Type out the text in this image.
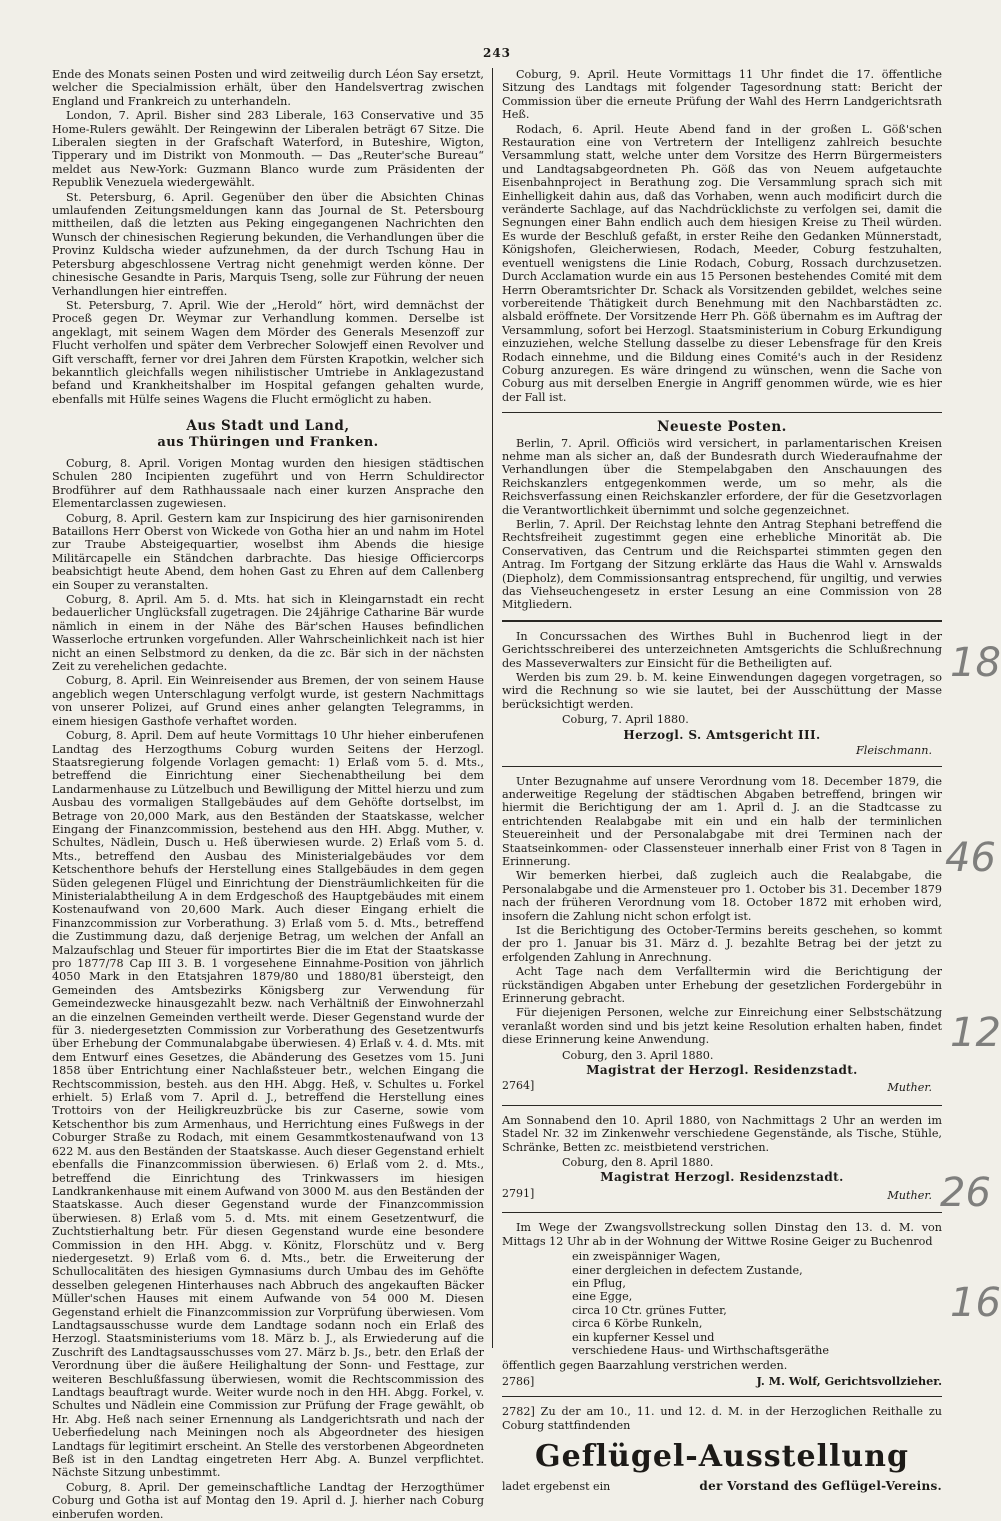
243

Ende des Monats seinen Posten und wird zeitweilig durch Léon Say ersetzt, welcher die Specialmission erhält, über den Handelsvertrag zwischen England und Frankreich zu unterhandeln.

London, 7. April. Bisher sind 283 Liberale, 163 Conservative und 35 Home-Rulers gewählt. Der Reingewinn der Liberalen beträgt 67 Sitze. Die Liberalen siegten in der Grafschaft Waterford, in Buteshire, Wigton, Tipperary und im Distrikt von Monmouth. — Das „Reuter'sche Bureau“ meldet aus New-York: Guzmann Blanco wurde zum Präsidenten der Republik Venezuela wiedergewählt.

St. Petersburg, 6. April. Gegenüber den über die Absichten Chinas umlaufenden Zeitungsmeldungen kann das Journal de St. Petersbourg mittheilen, daß die letzten aus Peking eingegangenen Nachrichten den Wunsch der chinesischen Regierung bekunden, die Verhandlungen über die Provinz Kuldscha wieder aufzunehmen, da der durch Tschung Hau in Petersburg abgeschlossene Vertrag nicht genehmigt werden könne. Der chinesische Gesandte in Paris, Marquis Tseng, solle zur Führung der neuen Verhandlungen hier eintreffen.

St. Petersburg, 7. April. Wie der „Herold“ hört, wird demnächst der Proceß gegen Dr. Weymar zur Verhandlung kommen. Derselbe ist angeklagt, mit seinem Wagen dem Mörder des Generals Mesenzoff zur Flucht verholfen und später dem Verbrecher Solowjeff einen Revolver und Gift verschafft, ferner vor drei Jahren dem Fürsten Krapotkin, welcher sich bekanntlich gleichfalls wegen nihilistischer Umtriebe in Anklagezustand befand und Krankheitshalber im Hospital gefangen gehalten wurde, ebenfalls mit Hülfe seines Wagens die Flucht ermöglicht zu haben.

Aus Stadt und Land,
aus Thüringen und Franken.

Coburg, 8. April. Vorigen Montag wurden den hiesigen städtischen Schulen 280 Incipienten zugeführt und von Herrn Schuldirector Brodführer auf dem Rathhaussaale nach einer kurzen Ansprache den Elementarclassen zugewiesen.

Coburg, 8. April. Gestern kam zur Inspicirung des hier garnisonirenden Bataillons Herr Oberst von Wickede von Gotha hier an und nahm im Hotel zur Traube Absteigequartier, woselbst ihm Abends die hiesige Militärcapelle ein Ständchen darbrachte. Das hiesige Officiercorps beabsichtigt heute Abend, dem hohen Gast zu Ehren auf dem Callenberg ein Souper zu veranstalten.

Coburg, 8. April. Am 5. d. Mts. hat sich in Kleingarnstadt ein recht bedauerlicher Unglücksfall zugetragen. Die 24jährige Catharine Bär wurde nämlich in einem in der Nähe des Bär'schen Hauses befindlichen Wasserloche ertrunken vorgefunden. Aller Wahrscheinlichkeit nach ist hier nicht an einen Selbstmord zu denken, da die zc. Bär sich in der nächsten Zeit zu verehelichen gedachte.

Coburg, 8. April. Ein Weinreisender aus Bremen, der von seinem Hause angeblich wegen Unterschlagung verfolgt wurde, ist gestern Nachmittags von unserer Polizei, auf Grund eines anher gelangten Telegramms, in einem hiesigen Gasthofe verhaftet worden.

Coburg, 8. April. Dem auf heute Vormittags 10 Uhr hieher einberufenen Landtag des Herzogthums Coburg wurden Seitens der Herzogl. Staatsregierung folgende Vorlagen gemacht: 1) Erlaß vom 5. d. Mts., betreffend die Einrichtung einer Siechenabtheilung bei dem Landarmenhause zu Lützelbuch und Bewilligung der Mittel hierzu und zum Ausbau des vormaligen Stallgebäudes auf dem Gehöfte dortselbst, im Betrage von 20,000 Mark, aus den Beständen der Staatskasse, welcher Eingang der Finanzcommission, bestehend aus den HH. Abgg. Muther, v. Schultes, Nädlein, Dusch u. Heß überwiesen wurde. 2) Erlaß vom 5. d. Mts., betreffend den Ausbau des Ministerialgebäudes vor dem Ketschenthore behufs der Herstellung eines Stallgebäudes in dem gegen Süden gelegenen Flügel und Einrichtung der Diensträumlichkeiten für die Ministerialabtheilung A in dem Erdgeschoß des Hauptgebäudes mit einem Kostenaufwand von 20,600 Mark. Auch dieser Eingang erhielt die Finanzcommission zur Vorberathung. 3) Erlaß vom 5. d. Mts., betreffend die Zustimmung dazu, daß derjenige Betrag, um welchen der Anfall an Malzaufschlag und Steuer für importirtes Bier die im Etat der Staatskasse pro 1877/78 Cap III 3. B. 1 vorgesehene Einnahme-Position von jährlich 4050 Mark in den Etatsjahren 1879/80 und 1880/81 übersteigt, den Gemeinden des Amtsbezirks Königsberg zur Verwendung für Gemeindezwecke hinausgezahlt bezw. nach Verhältniß der Einwohnerzahl an die einzelnen Gemeinden vertheilt werde. Dieser Gegenstand wurde der für 3. niedergesetzten Commission zur Vorberathung des Gesetzentwurfs über Erhebung der Communalabgabe überwiesen. 4) Erlaß v. 4. d. Mts. mit dem Entwurf eines Gesetzes, die Abänderung des Gesetzes vom 15. Juni 1858 über Entrichtung einer Nachlaßsteuer betr., welchen Eingang die Rechtscommission, besteh. aus den HH. Abgg. Heß, v. Schultes u. Forkel erhielt. 5) Erlaß vom 7. April d. J., betreffend die Herstellung eines Trottoirs von der Heiligkreuzbrücke bis zur Caserne, sowie vom Ketschenthor bis zum Armenhaus, und Herrichtung eines Fußwegs in der Coburger Straße zu Rodach, mit einem Gesammtkostenaufwand von 13 622 M. aus den Beständen der Staatskasse. Auch dieser Gegenstand erhielt ebenfalls die Finanzcommission überwiesen. 6) Erlaß vom 2. d. Mts., betreffend die Einrichtung des Trinkwassers im hiesigen Landkrankenhause mit einem Aufwand von 3000 M. aus den Beständen der Staatskasse. Auch dieser Gegenstand wurde der Finanzcommission überwiesen. 8) Erlaß vom 5. d. Mts. mit einem Gesetzentwurf, die Zuchtstierhaltung betr. Für diesen Gegenstand wurde eine besondere Commission in den HH. Abgg. v. Könitz, Florschütz und v. Berg niedergesetzt. 9) Erlaß vom 6. d. Mts., betr. die Erweiterung der Schullocalitäten des hiesigen Gymnasiums durch Umbau des im Gehöfte desselben gelegenen Hinterhauses nach Abbruch des angekauften Bäcker Müller'schen Hauses mit einem Aufwande von 54 000 M. Diesen Gegenstand erhielt die Finanzcommission zur Vorprüfung überwiesen. Vom Landtagsausschusse wurde dem Landtage sodann noch ein Erlaß des Herzogl. Staatsministeriums vom 18. März b. J., als Erwiederung auf die Zuschrift des Landtagsausschusses vom 27. März b. Js., betr. den Erlaß der Verordnung über die äußere Heilighaltung der Sonn- und Festtage, zur weiteren Beschlußfassung überwiesen, womit die Rechtscommission des Landtags beauftragt wurde. Weiter wurde noch in den HH. Abgg. Forkel, v. Schultes und Nädlein eine Commission zur Prüfung der Frage gewählt, ob Hr. Abg. Heß nach seiner Ernennung als Landgerichtsrath und nach der Ueberfiedelung nach Meiningen noch als Abgeordneter des hiesigen Landtags für legitimirt erscheint. An Stelle des verstorbenen Abgeordneten Beß ist in den Landtag eingetreten Herr Abg. A. Bunzel verpflichtet. Nächste Sitzung unbestimmt.

Coburg, 8. April. Der gemeinschaftliche Landtag der Herzogthümer Coburg und Gotha ist auf Montag den 19. April d. J. hierher nach Coburg einberufen worden.

Coburg, 9. April. Heute Vormittags 11 Uhr findet die 17. öffentliche Sitzung des Landtags mit folgender Tagesordnung statt: Bericht der Commission über die erneute Prüfung der Wahl des Herrn Landgerichtsrath Heß.

Rodach, 6. April. Heute Abend fand in der großen L. Göß'schen Restauration eine von Vertretern der Intelligenz zahlreich besuchte Versammlung statt, welche unter dem Vorsitze des Herrn Bürgermeisters und Landtagsabgeordneten Ph. Göß das von Neuem aufgetauchte Eisenbahnproject in Berathung zog. Die Versammlung sprach sich mit Einhelligkeit dahin aus, daß das Vorhaben, wenn auch modificirt durch die veränderte Sachlage, auf das Nachdrücklichste zu verfolgen sei, damit die Segnungen einer Bahn endlich auch dem hiesigen Kreise zu Theil würden. Es wurde der Beschluß gefaßt, in erster Reihe den Gedanken Münnerstadt, Königshofen, Gleicherwiesen, Rodach, Meeder, Coburg festzuhalten, eventuell wenigstens die Linie Rodach, Coburg, Rossach durchzusetzen. Durch Acclamation wurde ein aus 15 Personen bestehendes Comité mit dem Herrn Oberamtsrichter Dr. Schack als Vorsitzenden gebildet, welches seine vorbereitende Thätigkeit durch Benehmung mit den Nachbarstädten zc. alsbald eröffnete. Der Vorsitzende Herr Ph. Göß übernahm es im Auftrag der Versammlung, sofort bei Herzogl. Staatsministerium in Coburg Erkundigung einzuziehen, welche Stellung dasselbe zu dieser Lebensfrage für den Kreis Rodach einnehme, und die Bildung eines Comité's auch in der Residenz Coburg anzuregen. Es wäre dringend zu wünschen, wenn die Sache von Coburg aus mit derselben Energie in Angriff genommen würde, wie es hier der Fall ist.

Neueste Posten.

Berlin, 7. April. Officiös wird versichert, in parlamentarischen Kreisen nehme man als sicher an, daß der Bundesrath durch Wiederaufnahme der Verhandlungen über die Stempelabgaben den Anschauungen des Reichskanzlers entgegenkommen werde, um so mehr, als die Reichsverfassung einen Reichskanzler erfordere, der für die Gesetzvorlagen die Verantwortlichkeit übernimmt und solche gegenzeichnet.

Berlin, 7. April. Der Reichstag lehnte den Antrag Stephani betreffend die Rechtsfreiheit zugestimmt gegen eine erhebliche Minorität ab. Die Conservativen, das Centrum und die Reichspartei stimmten gegen den Antrag. Im Fortgang der Sitzung erklärte das Haus die Wahl v. Arnswalds (Diepholz), dem Commissionsantrag entsprechend, für ungiltig, und verwies das Viehseuchengesetz in erster Lesung an eine Commission von 28 Mitgliedern.

In Concurssachen des Wirthes Buhl in Buchenrod liegt in der Gerichtsschreiberei des unterzeichneten Amtsgerichts die Schlußrechnung des Masseverwalters zur Einsicht für die Betheiligten auf.

Werden bis zum 29. b. M. keine Einwendungen dagegen vorgetragen, so wird die Rechnung so wie sie lautet, bei der Ausschüttung der Masse berücksichtigt werden.

Coburg, 7. April 1880.
Herzogl. S. Amtsgericht III.
Fleischmann.

Unter Bezugnahme auf unsere Verordnung vom 18. December 1879, die anderweitige Regelung der städtischen Abgaben betreffend, bringen wir hiermit die Berichtigung der am 1. April d. J. an die Stadtcasse zu entrichtenden Realabgabe mit ein und ein halb der terminlichen Steuereinheit und der Personalabgabe mit drei Terminen nach der Staatseinkommen- oder Classensteuer innerhalb einer Frist von 8 Tagen in Erinnerung.

Wir bemerken hierbei, daß zugleich auch die Realabgabe, die Personalabgabe und die Armensteuer pro 1. October bis 31. December 1879 nach der früheren Verordnung vom 18. October 1872 mit erhoben wird, insofern die Zahlung nicht schon erfolgt ist.

Ist die Berichtigung des October-Termins bereits geschehen, so kommt der pro 1. Januar bis 31. März d. J. bezahlte Betrag bei der jetzt zu erfolgenden Zahlung in Anrechnung.

Acht Tage nach dem Verfalltermin wird die Berichtigung der rückständigen Abgaben unter Erhebung der gesetzlichen Fordergebühr in Erinnerung gebracht.

Für diejenigen Personen, welche zur Einreichung einer Selbstschätzung veranlaßt worden sind und bis jetzt keine Resolution erhalten haben, findet diese Erinnerung keine Anwendung.

Coburg, den 3. April 1880.
Magistrat der Herzogl. Residenzstadt.
2764]	Muther.

Am Sonnabend den 10. April 1880, von Nachmittags 2 Uhr an werden im Stadel Nr. 32 im Zinkenwehr verschiedene Gegenstände, als Tische, Stühle, Schränke, Betten zc. meistbietend verstrichen.

Coburg, den 8. April 1880.
Magistrat Herzogl. Residenzstadt.
2791]	Muther.

Im Wege der Zwangsvollstreckung sollen Dinstag den 13. d. M. von Mittags 12 Uhr ab in der Wohnung der Wittwe Rosine Geiger zu Buchenrod

ein zweispänniger Wagen,
einer dergleichen in defectem Zustande,
ein Pflug,
eine Egge,
circa 10 Ctr. grünes Futter,
circa 6 Körbe Runkeln,
ein kupferner Kessel und
verschiedene Haus- und Wirthschaftsgeräthe

öffentlich gegen Baarzahlung verstrichen werden.

2786]	J. M. Wolf, Gerichtsvollzieher.

2782] Zu der am 10., 11. und 12. d. M. in der Herzoglichen Reithalle zu Coburg stattfindenden

Geflügel-Ausstellung
ladet ergebenst ein	der Vorstand des Geflügel-Vereins.
18
46
12
26
16
